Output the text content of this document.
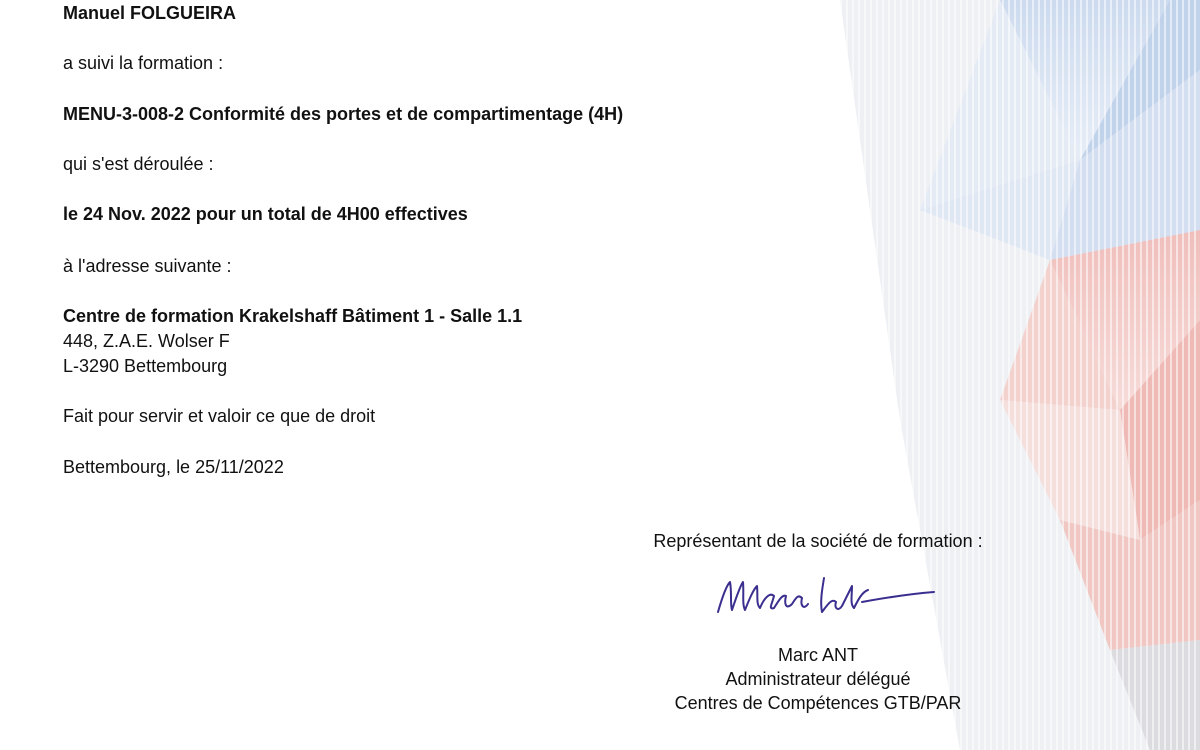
Manuel FOLGUEIRA
a suivi la formation :
MENU-3-008-2 Conformité des portes et de compartimentage (4H)
qui s'est déroulée :
le 24 Nov. 2022 pour un total de 4H00 effectives
à l'adresse suivante :
Centre de formation Krakelshaff Bâtiment 1 - Salle 1.1
448, Z.A.E. Wolser F
L-3290 Bettembourg
Fait pour servir et valoir ce que de droit
Bettembourg, le 25/11/2022
Représentant de la société de formation :
Marc ANT
Administrateur délégué
Centres de Compétences GTB/PAR
